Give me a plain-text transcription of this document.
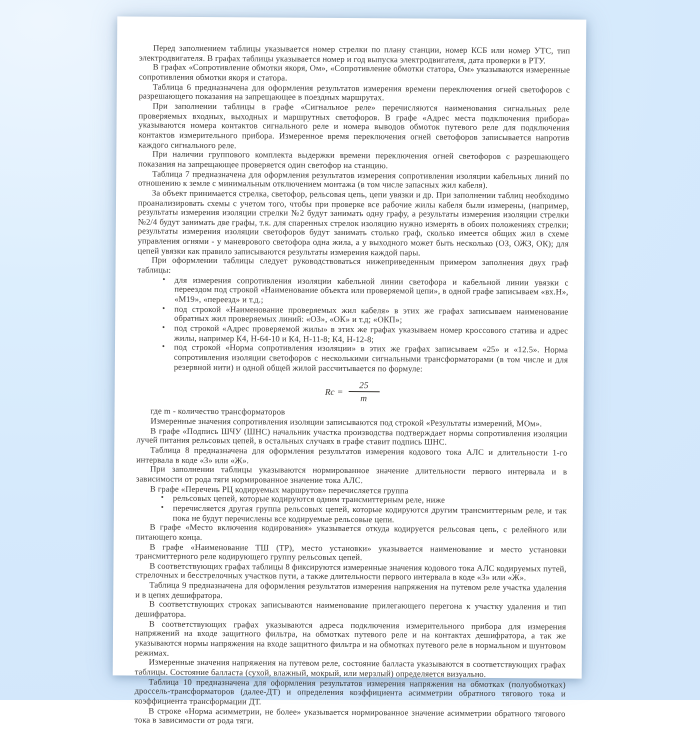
Перед заполнением таблицы указывается номер стрелки по плану станции, номер КСБ или номер УТС, тип электродвигателя. В графах таблицы указывается номер и год выпуска электродвигателя, дата проверки в РТУ.

В графах «Сопротивление обмотки якоря, Ом», «Сопротивление обмотки статора, Ом» указываются измеренные сопротивления обмотки якоря и статора.

Таблица 6 предназначена для оформления результатов измерения времени переключения огней светофоров с разрешающего показания на запрещающее в поездных маршрутах.

При заполнении таблицы в графе «Сигнальное реле» перечисляются наименования сигнальных реле проверяемых входных, выходных и маршрутных светофоров. В графе «Адрес места подключения прибора» указываются номера контактов сигнального реле и номера выводов обмоток путевого реле для подключения контактов измерительного прибора. Измеренное время переключения огней светофоров записывается напротив каждого сигнального реле.

При наличии группового комплекта выдержки времени переключения огней светофоров с разрешающего показания на запрещающее проверяется один светофор на станцию.

Таблица 7 предназначена для оформления результатов измерения сопротивления изоляции кабельных линий по отношению к земле с минимальным отключением монтажа (в том числе запасных жил кабеля).

За объект принимается стрелка, светофор, рельсовая цепь, цепи увязки и др. При заполнении таблиц необходимо проанализировать схемы с учетом того, чтобы при проверке все рабочие жилы кабеля были измерены, (например, результаты измерения изоляции стрелки №2 будут занимать одну графу, а результаты измерения изоляции стрелки №2/4 будут занимать две графы, т.к. для спаренных стрелок изоляцию нужно измерять в обоих положениях стрелки; результаты измерения изоляции светофоров будут занимать столько граф, сколько имеется общих жил в схеме управления огнями - у маневрового светофора одна жила, а у выходного может быть несколько (ОЗ, ОЖЗ, ОК); для цепей увязки как правило записываются результаты измерения каждой пары.

При оформлении таблицы следует руководствоваться нижеприведенным примером заполнения двух граф таблицы:

• для измерения сопротивления изоляции кабельной линии светофора и кабельной линии увязки с переездом под строкой «Наименование объекта или проверяемой цепи», в одной графе записываем «вх.Н», «М19», «переезд» и т.д.;
• под строкой «Наименование проверяемых жил кабеля» в этих же графах записываем наименование обратных жил проверяемых линий: «ОЗ», «ОК» и т.д; «ОКП»;
• под строкой «Адрес проверяемой жилы» в этих же графах указываем номер кроссового статива и адрес жилы, например К4, Н-64-10 и К4, Н-11-8; К4, Н-12-8;
• под строкой «Норма сопротивления изоляции» в этих же графах записываем «25» и «12.5». Норма сопротивления изоляции светофоров с несколькими сигнальными трансформаторами (в том числе и для резервной нити) и одной общей жилой рассчитывается по формуле:
$Rc = \frac{25}{m}$

где m - количество трансформаторов

Измеренные значения сопротивления изоляции записываются под строкой «Результаты измерений, МОм».

В графе «Подпись ШЧУ (ШНС) начальник участка производства подтверждает нормы сопротивления изоляции лучей питания рельсовых цепей, в остальных случаях в графе ставит подпись ШНС.

Таблица 8 предназначена для оформления результатов измерения кодового тока АЛС и длительности 1-го интервала в коде «З» или «Ж».

При заполнении таблицы указываются нормированное значение длительности первого интервала и в зависимости от рода тяги нормированное значение тока АЛС.

В графе «Перечень РЦ кодируемых маршрутов» перечисляется группа

• рельсовых цепей, которые кодируются одним трансмиттерным реле, ниже
• перечисляется другая группа рельсовых цепей, которые кодируются другим трансмиттерным реле, и так пока не будут перечислены все кодируемые рельсовые цепи.

В графе «Место включения кодирования» указывается откуда кодируется рельсовая цепь, с релейного или питающего конца.

В графе «Наименование ТШ (ТР), место установки» указывается наименование и место установки трансмиттерного реле кодирующего группу рельсовых цепей.

В соответствующих графах таблицы 8 фиксируются измеренные значения кодового тока АЛС кодируемых путей, стрелочных и бесстрелочных участков пути, а также длительности первого интервала в коде «З» или «Ж».

Таблица 9 предназначена для оформления результатов измерения напряжения на путевом реле участка удаления и в цепях дешифратора.

В соответствующих строках записываются наименование прилегающего перегона к участку удаления и тип дешифратора.

В соответствующих графах указываются адреса подключения измерительного прибора для измерения напряжений на входе защитного фильтра, на обмотках путевого реле и на контактах дешифратора, а так же указываются нормы напряжения на входе защитного фильтра и на обмотках путевого реле в нормальном и шунтовом режимах.

Измеренные значения напряжения на путевом реле, состояние балласта указываются в соответствующих графах таблицы. Состояние балласта (сухой, влажный, мокрый, или мерзлый) определяется визуально.

Таблица 10 предназначена для оформления результатов измерения напряжения на обмотках (полуобмотках) дроссель-трансформаторов (далее-ДТ) и определения коэффициента асимметрии обратного тягового тока и коэффициента трансформации ДТ.

В строке «Норма асимметрии, не более» указывается нормированное значение асимметрии обратного тягового тока в зависимости от рода тяги.
